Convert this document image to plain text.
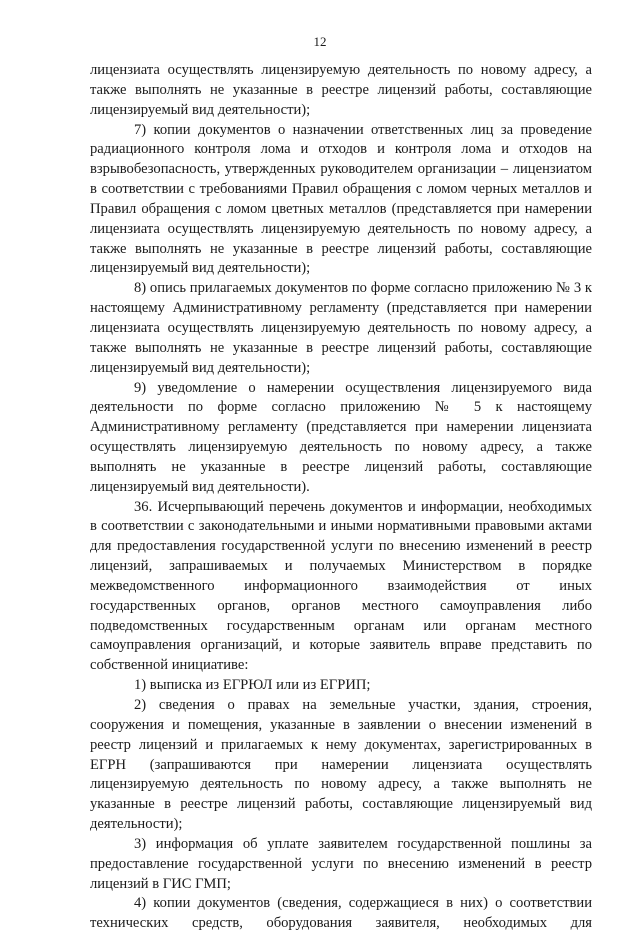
12

лицензиата осуществлять лицензируемую деятельность по новому адресу, а также выполнять не указанные в реестре лицензий работы, составляющие лицензируемый вид деятельности);

7) копии документов о назначении ответственных лиц за проведение радиационного контроля лома и отходов и контроля лома и отходов на взрывобезопасность, утвержденных руководителем организации – лицензиатом в соответствии с требованиями Правил обращения с ломом черных металлов и Правил обращения с ломом цветных металлов (представляется при намерении лицензиата осуществлять лицензируемую деятельность по новому адресу, а также выполнять не указанные в реестре лицензий работы, составляющие лицензируемый вид деятельности);

8) опись прилагаемых документов по форме согласно приложению № 3 к настоящему Административному регламенту (представляется при намерении лицензиата осуществлять лицензируемую деятельность по новому адресу, а также выполнять не указанные в реестре лицензий работы, составляющие лицензируемый вид деятельности);

9) уведомление о намерении осуществления лицензируемого вида деятельности по форме согласно приложению № 5 к настоящему Административному регламенту (представляется при намерении лицензиата осуществлять лицензируемую деятельность по новому адресу, а также выполнять не указанные в реестре лицензий работы, составляющие лицензируемый вид деятельности).

36. Исчерпывающий перечень документов и информации, необходимых в соответствии с законодательными и иными нормативными правовыми актами для предоставления государственной услуги по внесению изменений в реестр лицензий, запрашиваемых и получаемых Министерством в порядке межведомственного информационного взаимодействия от иных государственных органов, органов местного самоуправления либо подведомственных государственным органам или органам местного самоуправления организаций, и которые заявитель вправе представить по собственной инициативе:

1) выписка из ЕГРЮЛ или из ЕГРИП;

2) сведения о правах на земельные участки, здания, строения, сооружения и помещения, указанные в заявлении о внесении изменений в реестр лицензий и прилагаемых к нему документах, зарегистрированных в ЕГРН (запрашиваются при намерении лицензиата осуществлять лицензируемую деятельность по новому адресу, а также выполнять не указанные в реестре лицензий работы, составляющие лицензируемый вид деятельности);

3) информация об уплате заявителем государственной пошлины за предоставление государственной услуги по внесению изменений в реестр лицензий в ГИС ГМП;

4) копии документов (сведения, содержащиеся в них) о соответствии технических средств, оборудования заявителя, необходимых для
